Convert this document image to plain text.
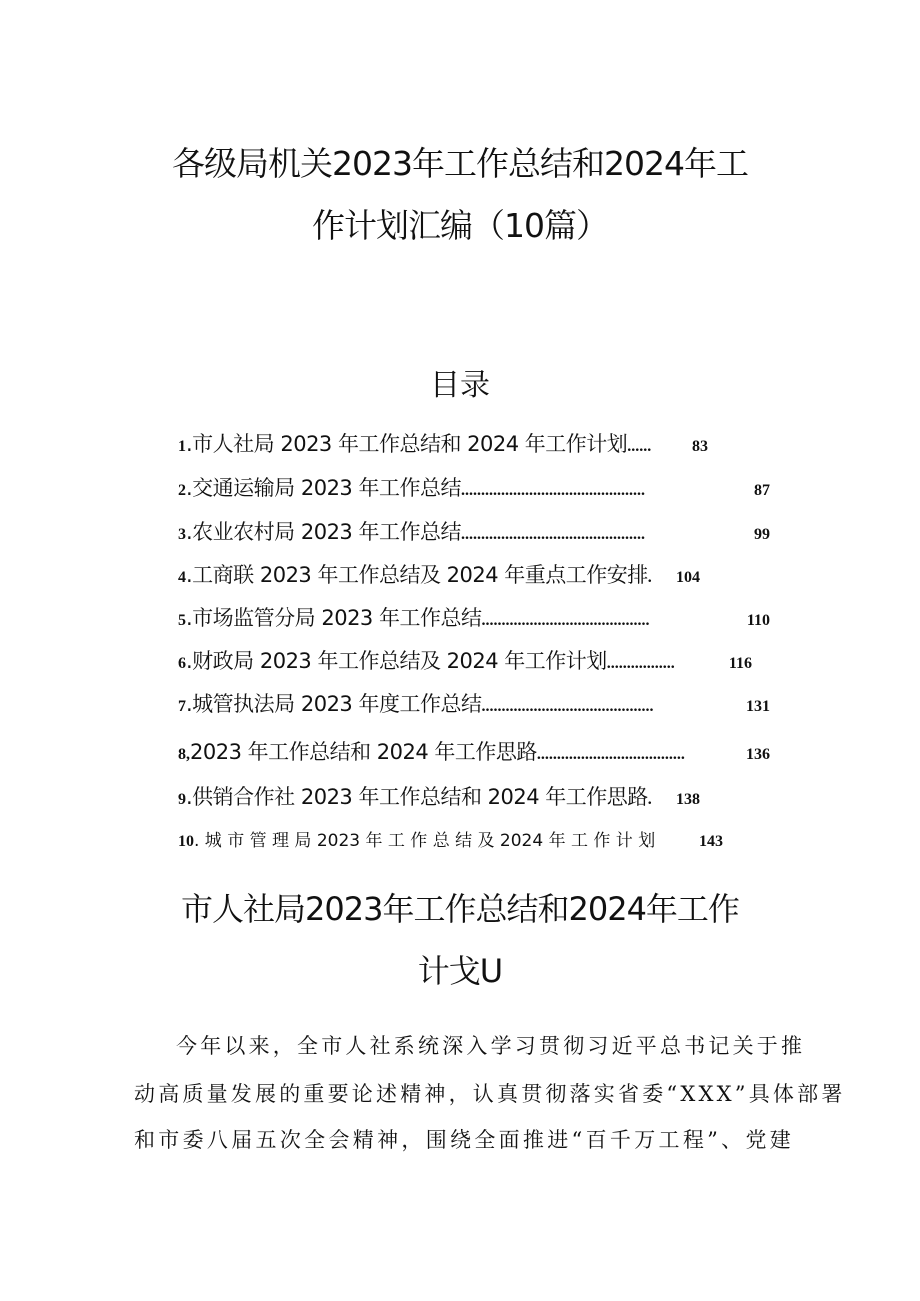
各级局机关2023年工作总结和2024年工
作计划汇编（10篇）
目录
1 .市人社局 2023 年工作总结和 2024 年工作计划 ......	83
2 .交通运输局 2023 年工作总结 ..............................................	87
3 .农业农村局 2023 年工作总结 ..............................................	99
4 .工商联 2023 年工作总结及 2024 年重点工作安排 .	104
5 .市场监管分局 2023 年工作总结 ..........................................	110
6 .财政局 2023 年工作总结及 2024 年工作计划 .................	116
7 .城管执法局 2023 年度工作总结 ...........................................	131
8, 2023 年工作总结和 2024 年工作思路 .....................................	136
9 .供销合作社 2023 年工作总结和 2024 年工作思路 .	138
10 . 城 市 管 理 局 2023 年 工 作 总 结 及 2024 年 工 作 计 划	143
市人社局2023年工作总结和2024年工作
计戈U
今年以来，全市人社系统深入学习贯彻习近平总书记关于推
动高质量发展的重要论述精神，认真贯彻落实省委“XXX”具体部署
和市委八届五次全会精神，围绕全面推进“百千万工程”、党建
